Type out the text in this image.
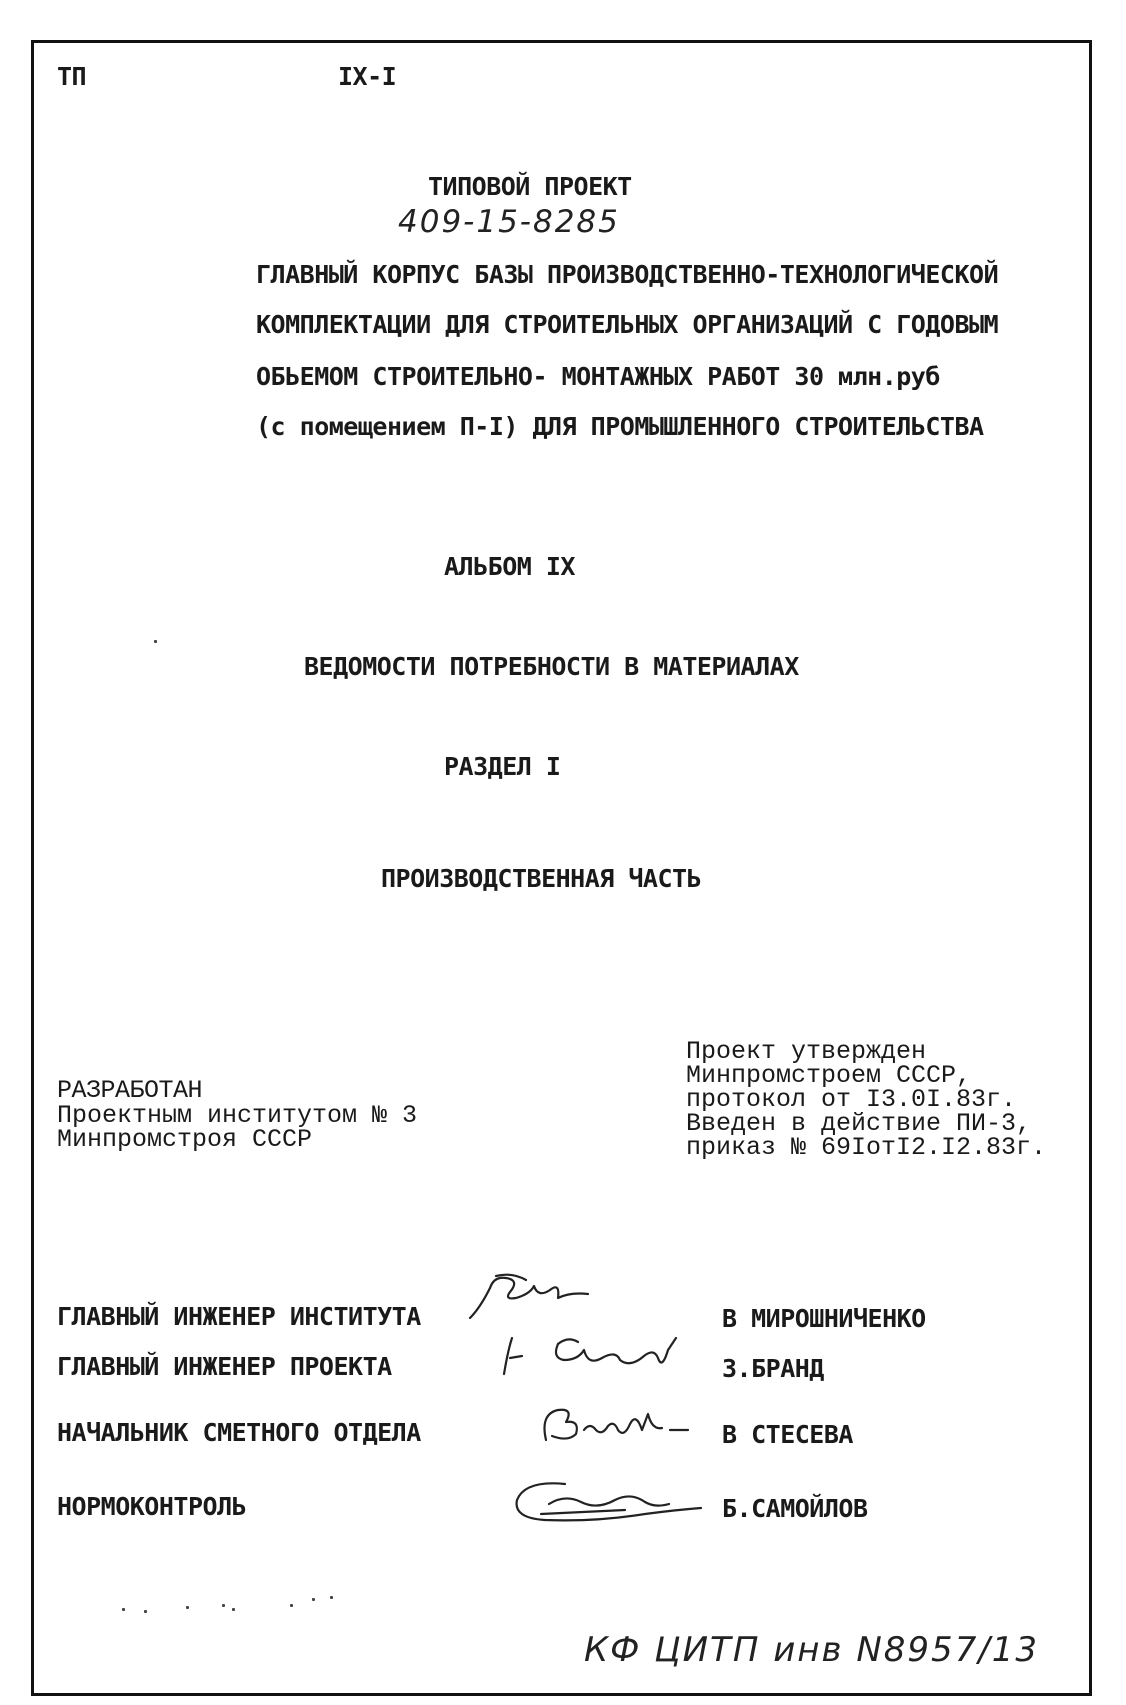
ТП	IX-I
ТИПОВОЙ ПРОЕКТ
409-15-8285
ГЛАВНЫЙ КОРПУС БАЗЫ ПРОИЗВОДСТВЕННО-ТЕХНОЛОГИЧЕСКОЙ
КОМПЛЕКТАЦИИ ДЛЯ СТРОИТЕЛЬНЫХ ОРГАНИЗАЦИЙ С ГОДОВЫМ
ОБЬЕМОМ СТРОИТЕЛЬНО- МОНТАЖНЫХ РАБОТ 30 млн.руб
(с помещением П-I) ДЛЯ ПРОМЫШЛЕННОГО СТРОИТЕЛЬСТВА
АЛЬБОМ IX
ВЕДОМОСТИ ПОТРЕБНОСТИ В МАТЕРИАЛАХ
РАЗДЕЛ I
ПРОИЗВОДСТВЕННАЯ ЧАСТЬ
РАЗРАБОТАН
Проектным институтом № 3
Минпромстроя СССР
Проект утвержден
Минпромстроем СССР,
протокол от I3.0I.83г.
Введен в действие ПИ-3,
приказ № 69IотI2.I2.83г.
ГЛАВНЫЙ ИНЖЕНЕР ИНСТИТУТА	В МИРОШНИЧЕНКО
ГЛАВНЫЙ ИНЖЕНЕР ПРОЕКТА	З.БРАНД
НАЧАЛЬНИК СМЕТНОГО ОТДЕЛА	В СТЕСЕВА
НОРМОКОНТРОЛЬ	Б.САМОЙЛОВ
КФ ЦИТП инв N8957/13
